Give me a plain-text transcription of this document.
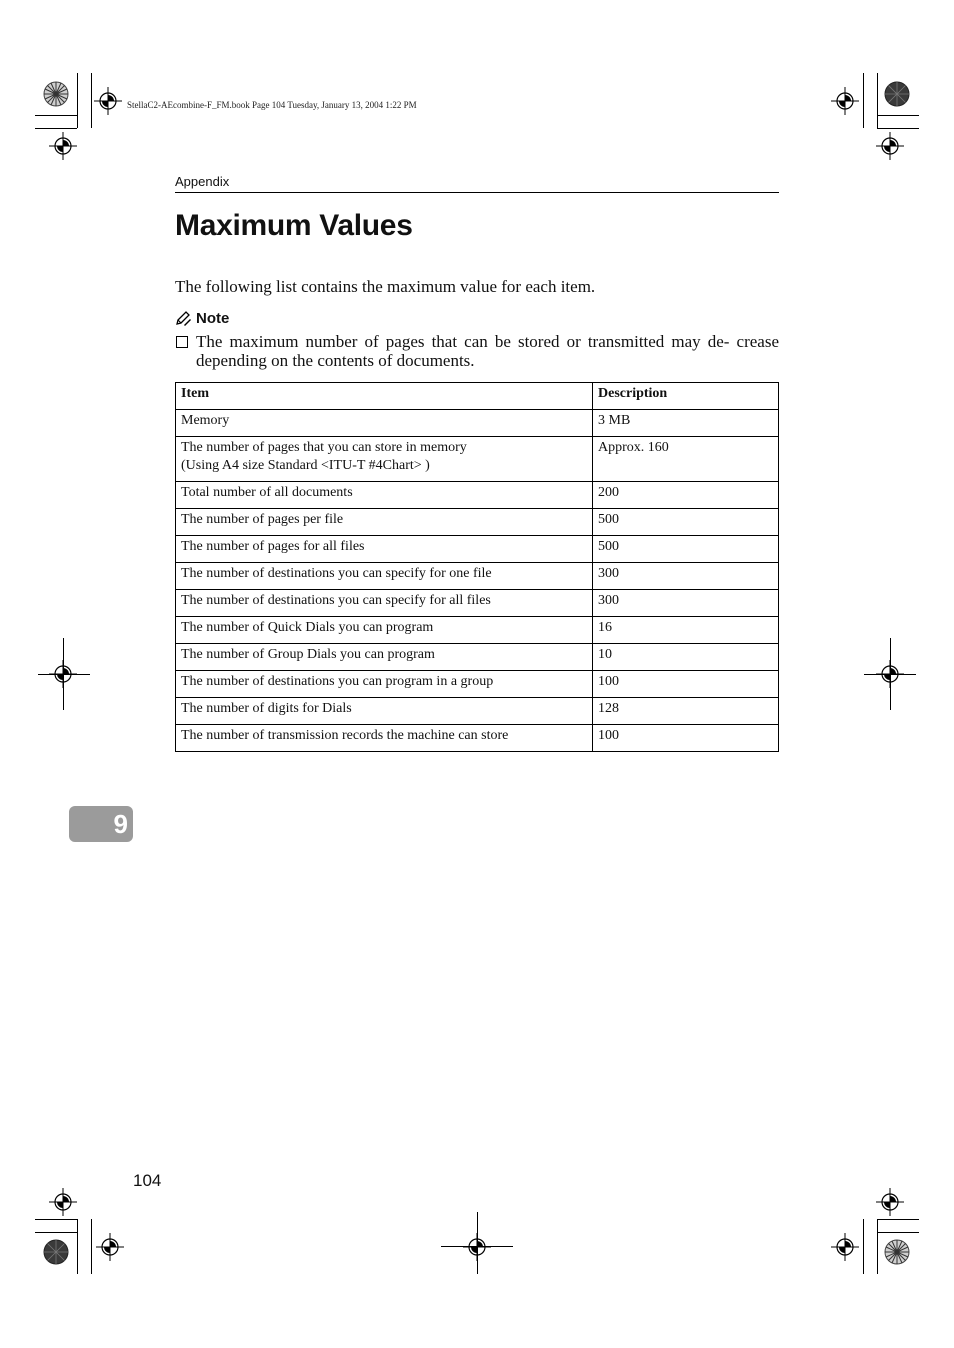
StellaC2-AEcombine-F_FM.book Page 104 Tuesday, January 13, 2004 1:22 PM
Appendix
Maximum Values

The following list contains the maximum value for each item.

Note
The maximum number of pages that can be stored or transmitted may de- crease depending on the contents of documents.
Item	Description
Memory	3 MB
The number of pages that you can store in memory
(Using A4 size Standard <ITU-T #4Chart> )	Approx. 160
Total number of all documents	200
The number of pages per file	500
The number of pages for all files	500
The number of destinations you can specify for one file	300
The number of destinations you can specify for all files	300
The number of Quick Dials you can program	16
The number of Group Dials you can program	10
The number of destinations you can program in a group	100
The number of digits for Dials	128
The number of transmission records the machine can store	100
9
104
